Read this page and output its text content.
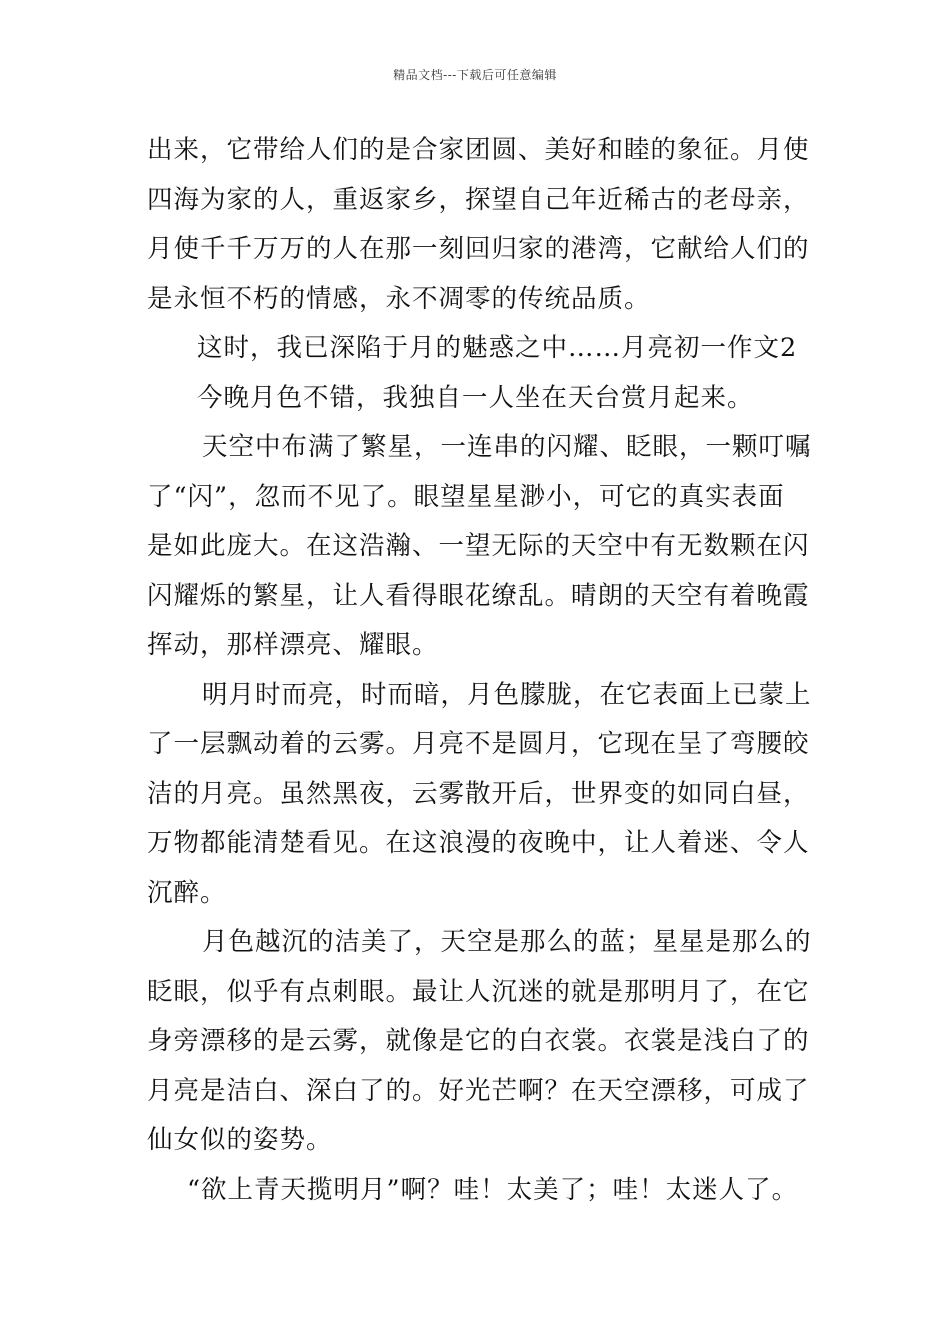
精品文档---下载后可任意编辑
出来，它带给人们的是合家团圆、美好和睦的象征。月使
四海为家的人，重返家乡，探望自己年近稀古的老母亲，
月使千千万万的人在那一刻回归家的港湾，它献给人们的
是永恒不朽的情感，永不凋零的传统品质。
这时，我已深陷于月的魅惑之中……月亮初一作文2
今晚月色不错，我独自一人坐在天台赏月起来。
天空中布满了繁星，一连串的闪耀、眨眼，一颗叮嘱
了“闪”，忽而不见了。眼望星星渺小，可它的真实表面
是如此庞大。在这浩瀚、一望无际的天空中有无数颗在闪
闪耀烁的繁星，让人看得眼花缭乱。晴朗的天空有着晚霞
挥动，那样漂亮、耀眼。
明月时而亮，时而暗，月色朦胧，在它表面上已蒙上
了一层飘动着的云雾。月亮不是圆月，它现在呈了弯腰皎
洁的月亮。虽然黑夜，云雾散开后，世界变的如同白昼，
万物都能清楚看见。在这浪漫的夜晚中，让人着迷、令人
沉醉。
月色越沉的洁美了，天空是那么的蓝；星星是那么的
眨眼，似乎有点刺眼。最让人沉迷的就是那明月了，在它
身旁漂移的是云雾，就像是它的白衣裳。衣裳是浅白了的
月亮是洁白、深白了的。好光芒啊？在天空漂移，可成了
仙女似的姿势。
“欲上青天揽明月”啊？哇！太美了；哇！太迷人了。
